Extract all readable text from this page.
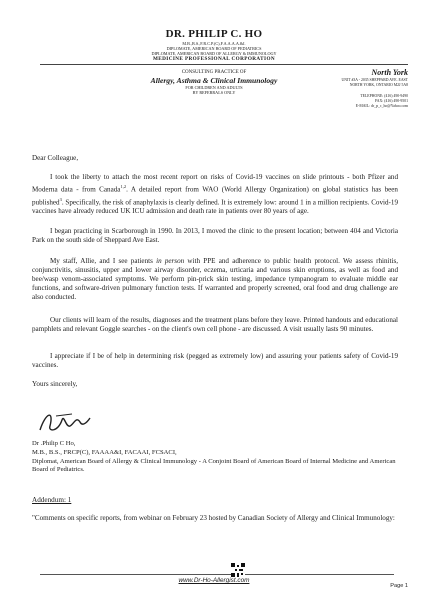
DR. PHILIP C. HO
M.B.,B.S.,F.R.C.P.(C),F.A.A.A.A.&I.
DIPLOMATE, AMERICAN BOARD OF PEDIATRICS
DIPLOMATE, AMERICAN BOARD OF ALLERGY & IMMUNOLOGY
MEDICINE PROFESSIONAL CORPORATION
CONSULTING PRACTICE OF
Allergy, Asthma & Clinical Immunology
FOR CHILDREN AND ADULTS
BY REFERRALS ONLY
North York
UNIT #3A - 2035 SHEPPARD AVE. EAST
NORTH YORK, ONTARIO M2J 5A8
TELEPHONE: (416) 490-9490
FAX: (416) 490-9501
E-MAIL: dr_p_c_ho@Yahoo.com
Dear Colleague,

I took the liberty to attach the most recent report on risks of Covid-19 vaccines on slide printouts - both Pfizer and Moderna data - from Canada$^{1,2}$. A detailed report from WAO (World Allergy Organization) on global statistics has been published$^3$. Specifically, the risk of anaphylaxis is clearly defined. It is extremely low: around 1 in a million recipients. Covid-19 vaccines have already reduced UK ICU admission and death rate in patients over 80 years of age.

I began practicing in Scarborough in 1990. In 2013, I moved the clinic to the present location; between 404 and Victoria Park on the south side of Sheppard Ave East.

My staff, Allie, and I see patients in person with PPE and adherence to public health protocol. We assess rhinitis, conjunctivitis, sinusitis, upper and lower airway disorder, eczema, urticaria and various skin eruptions, as well as food and bee/wasp venom-associated symptoms. We perform pin-prick skin testing, impedance tympanogram to evaluate middle ear functions, and software-driven pulmonary function tests. If warranted and properly screened, oral food and drug challenge are also conducted.

Our clients will learn of the results, diagnoses and the treatment plans before they leave. Printed handouts and educational pamphlets and relevant Goggle searches - on the client's own cell phone - are discussed. A visit usually lasts 90 minutes.

I appreciate if I be of help in determining risk (pegged as extremely low) and assuring your patients safety of Covid-19 vaccines.

Yours sincerely,
Dr .Philip C Ho,
M.B., B.S., FRCP(C), FAAAA&I, FACAAI, FCSACI,
Diplomat, American Board of Allergy & Clinical Immunology - A Conjoint Board of American Board of Internal Medicine and American Board of Pediatrics.
Addendum: 1
"Comments on specific reports, from webinar on February 23 hosted by Canadian Society of Allergy and Clinical Immunology:
www.Dr-Ho-Allergist.com
Page 1
